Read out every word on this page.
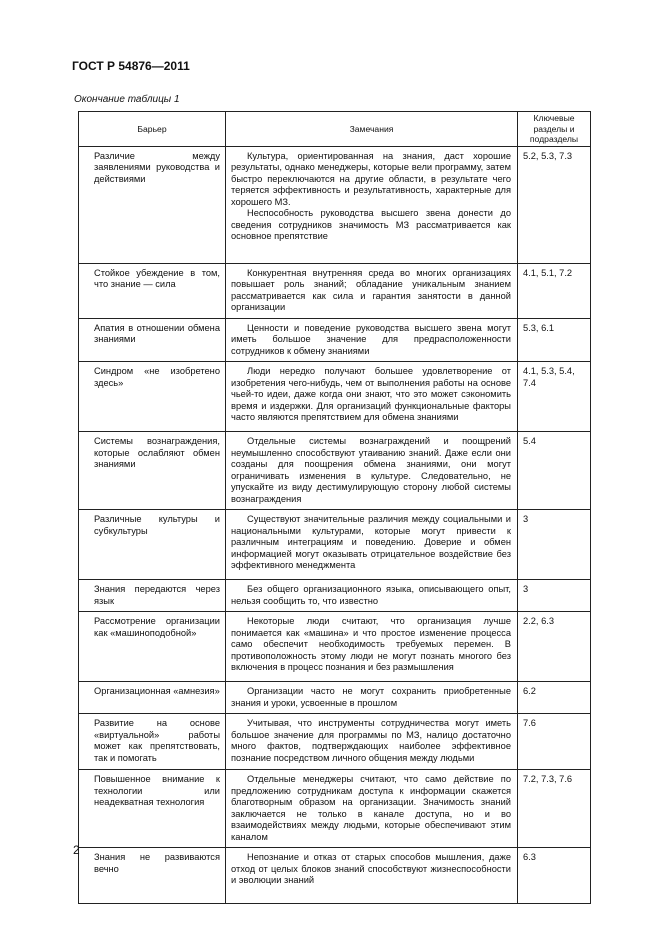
ГОСТ Р 54876—2011
Окончание таблицы 1
Барьер	Замечания	Ключевые разделы и подразделы
Различие между заявлениями руководства и действиями	Культура, ориентированная на знания, даст хорошие результаты, однако менеджеры, которые вели программу, затем быстро переключаются на другие области, в результате чего теряется эффективность и результативность, характерные для хорошего МЗ.
Неспособность руководства высшего звена донести до сведения сотрудников значимость МЗ рассматривается как основное препятствие	5.2, 5.3, 7.3
Стойкое убеждение в том, что знание — сила	Конкурентная внутренняя среда во многих организациях повышает роль знаний; обладание уникальным знанием рассматривается как сила и гарантия занятости в данной организации	4.1, 5.1, 7.2
Апатия в отношении обмена знаниями	Ценности и поведение руководства высшего звена могут иметь большое значение для предрасположенности сотрудников к обмену знаниями	5.3, 6.1
Синдром «не изобретено здесь»	Люди нередко получают большее удовлетворение от изобретения чего-нибудь, чем от выполнения работы на основе чьей-то идеи, даже когда они знают, что это может сэкономить время и издержки. Для организаций функциональные факторы часто являются препятствием для обмена знаниями	4.1, 5.3, 5.4, 7.4
Системы вознаграждения, которые ослабляют обмен знаниями	Отдельные системы вознаграждений и поощрений неумышленно способствуют утаиванию знаний. Даже если они созданы для поощрения обмена знаниями, они могут ограничивать изменения в культуре. Следовательно, не упускайте из виду дестимулирующую сторону любой системы вознаграждения	5.4
Различные культуры и субкультуры	Существуют значительные различия между социальными и национальными культурами, которые могут привести к различным интеграциям и поведению. Доверие и обмен информацией могут оказывать отрицательное воздействие без эффективного менеджмента	3
Знания передаются через язык	Без общего организационного языка, описывающего опыт, нельзя сообщить то, что известно	3
Рассмотрение организации как «машиноподобной»	Некоторые люди считают, что организация лучше понимается как «машина» и что простое изменение процесса само обеспечит необходимость требуемых перемен. В противоположность этому люди не могут познать многого без включения в процесс познания и без размышления	2.2, 6.3
Организационная «амнезия»	Организации часто не могут сохранить приобретенные знания и уроки, усвоенные в прошлом	6.2
Развитие на основе «виртуальной» работы может как препятствовать, так и помогать	Учитывая, что инструменты сотрудничества могут иметь большое значение для программы по МЗ, налицо достаточно много фактов, подтверждающих наиболее эффективное познание посредством личного общения между людьми	7.6
Повышенное внимание к технологии или неадекватная технология	Отдельные менеджеры считают, что само действие по предложению сотрудникам доступа к информации скажется благотворным образом на организации. Значимость знаний заключается не только в канале доступа, но и во взаимодействиях между людьми, которые обеспечивают этим каналом	7.2, 7.3, 7.6
Знания не развиваются вечно	Непознание и отказ от старых способов мышления, даже отход от целых блоков знаний способствуют жизнеспособности и эволюции знаний	6.3
2
